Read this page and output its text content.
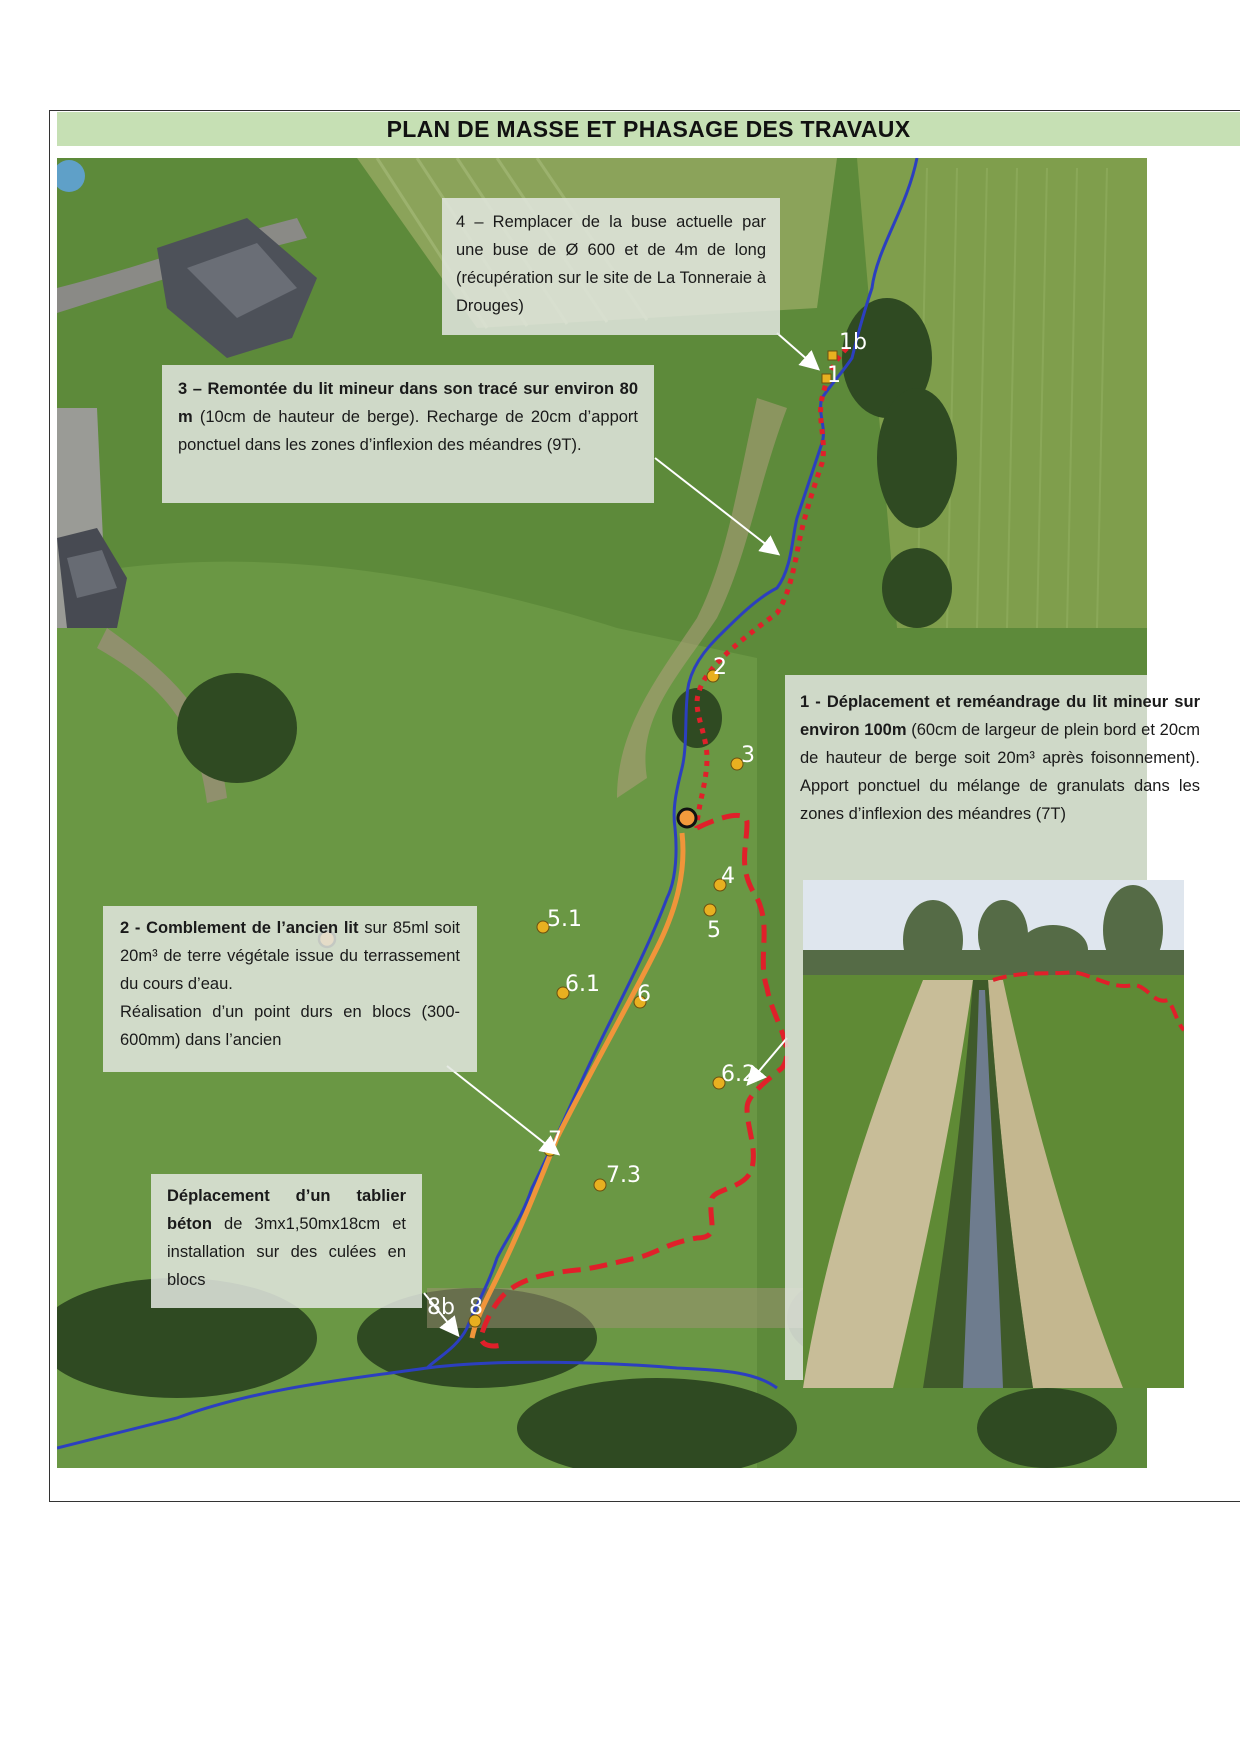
PLAN DE MASSE ET PHASAGE DES TRAVAUX
1b
1
2
3
4
5
5.1
6
6.1
6.2
7
7.3
8b 8
4 – Remplacer de la buse actuelle par une buse de Ø 600 et de 4m de long (récupération sur le site de La Tonneraie à Drouges)
3 – Remontée du lit mineur dans son tracé sur environ 80 m (10cm de hauteur de berge). Recharge de 20cm d’apport ponctuel dans les zones d’inflexion des méandres (9T).
1 - Déplacement et reméandrage du lit mineur sur environ 100m (60cm de largeur de plein bord et 20cm de hauteur de berge soit 20m³ après foisonnement). Apport ponctuel du mélange de granulats dans les zones d’inflexion des méandres (7T)
2 - Comblement de l’ancien lit sur 85ml soit 20m³ de terre végétale issue du terrassement du cours d’eau.
Réalisation d’un point durs en blocs (300-600mm) dans l’ancien
Déplacement d’un tablier béton de 3mx1,50mx18cm et installation sur des culées en blocs
